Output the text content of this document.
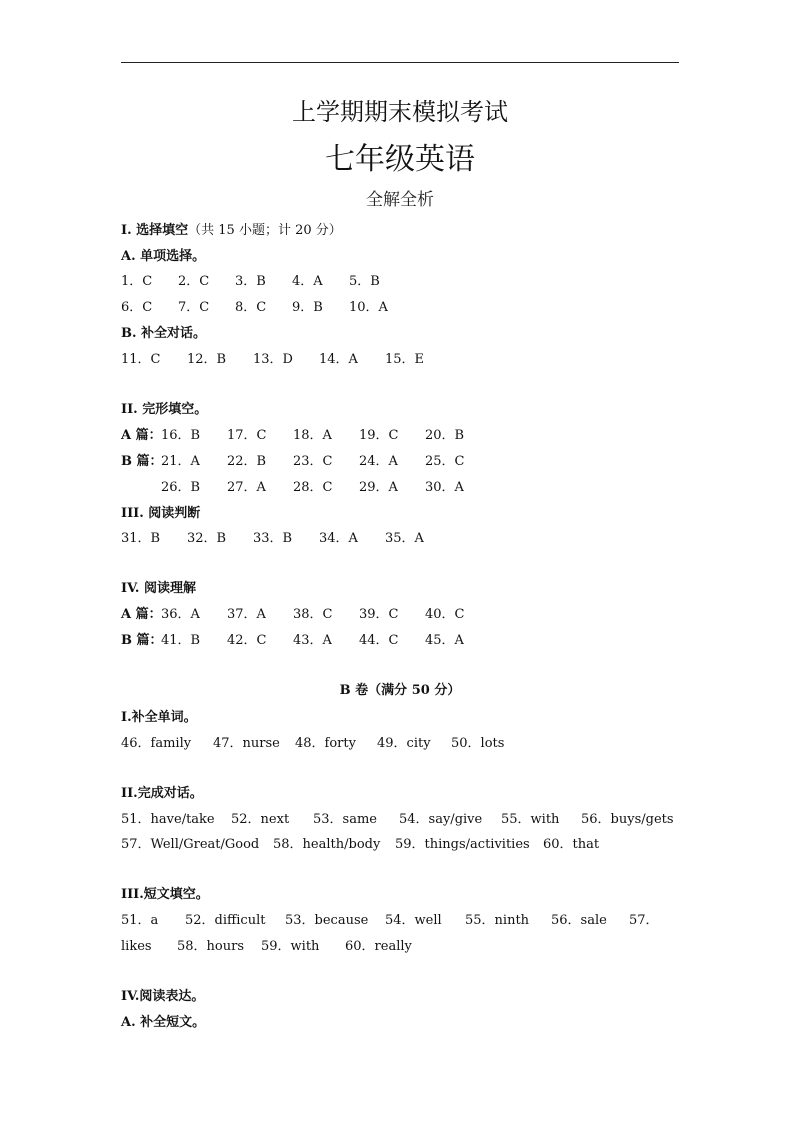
上学期期末模拟考试
七年级英语
全解全析
I. 选择填空（共 15 小题；计 20 分）
A. 单项选择。
1．C 2．C 3．B 4．A 5．B
6．C 7．C 8．C 9．B 10．A
B. 补全对话。
11．C 12．B 13．D 14．A 15．E
II. 完形填空。
A 篇：16．B 17．C 18．A 19．C 20．B
B 篇：21．A 22．B 23．C 24．A 25．C
26．B 27．A 28．C 29．A 30．A
III. 阅读判断
31．B 32．B 33．B 34．A 35．A
IV. 阅读理解
A 篇：36．A 37．A 38．C 39．C 40．C
B 篇：41．B 42．C 43．A 44．C 45．A
B 卷（满分 50 分）
I.补全单词。
46．family 47．nurse 48．forty 49．city 50．lots
II.完成对话。
51．have/take 52．next 53．same 54．say/give 55．with 56．buys/gets
57．Well/Great/Good 58．health/body 59．things/activities 60．that
III.短文填空。
51．a 52．difficult 53．because 54．well 55．ninth 56．sale 57．
likes 58．hours 59．with 60．really
IV.阅读表达。
A. 补全短文。
